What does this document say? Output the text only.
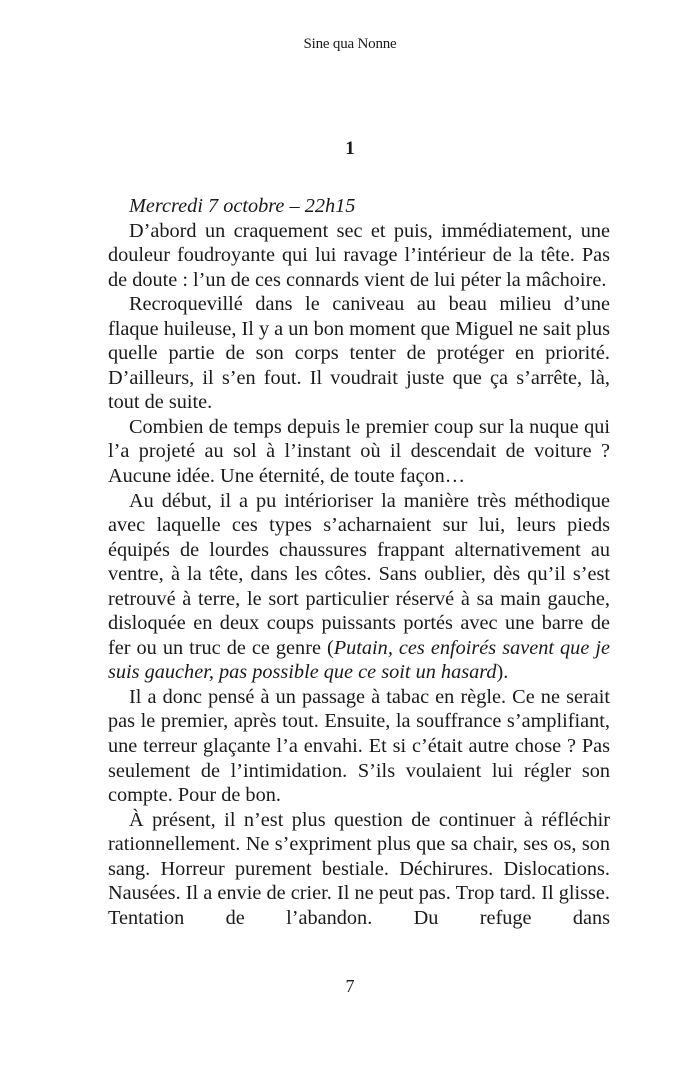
Sine qua Nonne
1

Mercredi 7 octobre – 22h15

D’abord un craquement sec et puis, immédiatement, une douleur foudroyante qui lui ravage l’intérieur de la tête. Pas de doute : l’un de ces connards vient de lui péter la mâchoire.

Recroquevillé dans le caniveau au beau milieu d’une flaque huileuse, Il y a un bon moment que Miguel ne sait plus quelle partie de son corps tenter de protéger en priorité. D’ailleurs, il s’en fout. Il voudrait juste que ça s’arrête, là, tout de suite.

Combien de temps depuis le premier coup sur la nuque qui l’a projeté au sol à l’instant où il descendait de voiture ? Aucune idée. Une éternité, de toute façon…

Au début, il a pu intérioriser la manière très méthodique avec laquelle ces types s’acharnaient sur lui, leurs pieds équipés de lourdes chaussures frappant alternativement au ventre, à la tête, dans les côtes. Sans oublier, dès qu’il s’est retrouvé à terre, le sort particulier réservé à sa main gauche, disloquée en deux coups puissants portés avec une barre de fer ou un truc de ce genre (Putain, ces enfoirés savent que je suis gaucher, pas possible que ce soit un hasard).

Il a donc pensé à un passage à tabac en règle. Ce ne serait pas le premier, après tout. Ensuite, la souffrance s’amplifiant, une terreur glaçante l’a envahi. Et si c’était autre chose ? Pas seulement de l’intimidation. S’ils voulaient lui régler son compte. Pour de bon.

À présent, il n’est plus question de continuer à réfléchir rationnellement. Ne s’expriment plus que sa chair, ses os, son sang. Horreur purement bestiale. Déchirures. Dislocations. Nausées. Il a envie de crier. Il ne peut pas. Trop tard. Il glisse. Tentation de l’abandon. Du refuge dans

7
